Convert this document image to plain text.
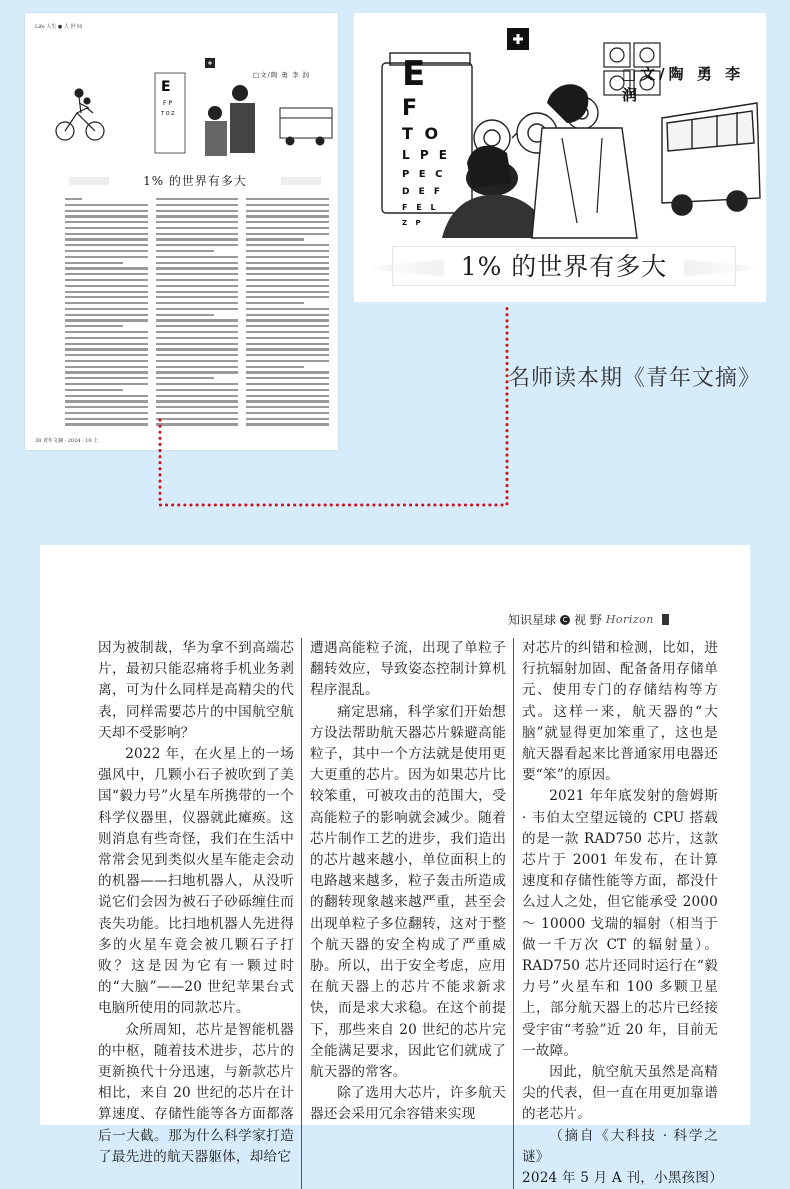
Life 人生 ● 人 世 间
E
F P
T O Z
□文/陶 勇 李 润
1% 的世界有多大
38 青年文摘 · 2024 · 10 上
E
F
T O
L P E
P E C
D E F
F E L
Z P
□文/陶 勇 李 润
1% 的世界有多大
名师读本期《青年文摘》
知识星球 C 视 野 Horizon

因为被制裁，华为拿不到高端芯片，最初只能忍痛将手机业务剥离，可为什么同样是高精尖的代表，同样需要芯片的中国航空航天却不受影响？

2022 年，在火星上的一场强风中，几颗小石子被吹到了美国“毅力号”火星车所携带的一个科学仪器里，仪器就此瘫痪。这则消息有些奇怪，我们在生活中常常会见到类似火星车能走会动的机器——扫地机器人，从没听说它们会因为被石子砂砾缠住而丧失功能。比扫地机器人先进得多的火星车竟会被几颗石子打败？这是因为它有一颗过时的“大脑”——20 世纪苹果台式电脑所使用的同款芯片。

众所周知，芯片是智能机器的中枢，随着技术进步，芯片的更新换代十分迅速，与新款芯片相比，来自 20 世纪的芯片在计算速度、存储性能等各方面都落后一大截。那为什么科学家打造了最先进的航天器躯体，却给它

遭遇高能粒子流，出现了单粒子翻转效应，导致姿态控制计算机程序混乱。

痛定思痛，科学家们开始想方设法帮助航天器芯片躲避高能粒子，其中一个方法就是使用更大更重的芯片。因为如果芯片比较笨重，可被攻击的范围大，受高能粒子的影响就会减少。随着芯片制作工艺的进步，我们造出的芯片越来越小，单位面积上的电路越来越多，粒子轰击所造成的翻转现象越来越严重，甚至会出现单粒子多位翻转，这对于整个航天器的安全构成了严重威胁。所以，出于安全考虑，应用在航天器上的芯片不能求新求快，而是求大求稳。在这个前提下，那些来自 20 世纪的芯片完全能满足要求，因此它们就成了航天器的常客。

除了选用大芯片，许多航天器还会采用冗余容错来实现

对芯片的纠错和检测，比如，进行抗辐射加固、配备备用存储单元、使用专门的存储结构等方式。这样一来，航天器的“大脑”就显得更加笨重了，这也是航天器看起来比普通家用电器还要“笨”的原因。

2021 年年底发射的詹姆斯 · 韦伯太空望远镜的 CPU 搭载的是一款 RAD750 芯片，这款芯片于 2001 年发布，在计算速度和存储性能等方面，都没什么过人之处，但它能承受 2000 ～ 10000 戈瑞的辐射（相当于做一千万次 CT 的辐射量）。RAD750 芯片还同时运行在“毅力号”火星车和 100 多颗卫星上，部分航天器上的芯片已经接受宇宙“考验”近 20 年，目前无一故障。

因此，航空航天虽然是高精尖的代表，但一直在用更加靠谱的老芯片。

（摘自《大科技 · 科学之谜》

2024 年 5 月 A 刊，小黑孩图）
